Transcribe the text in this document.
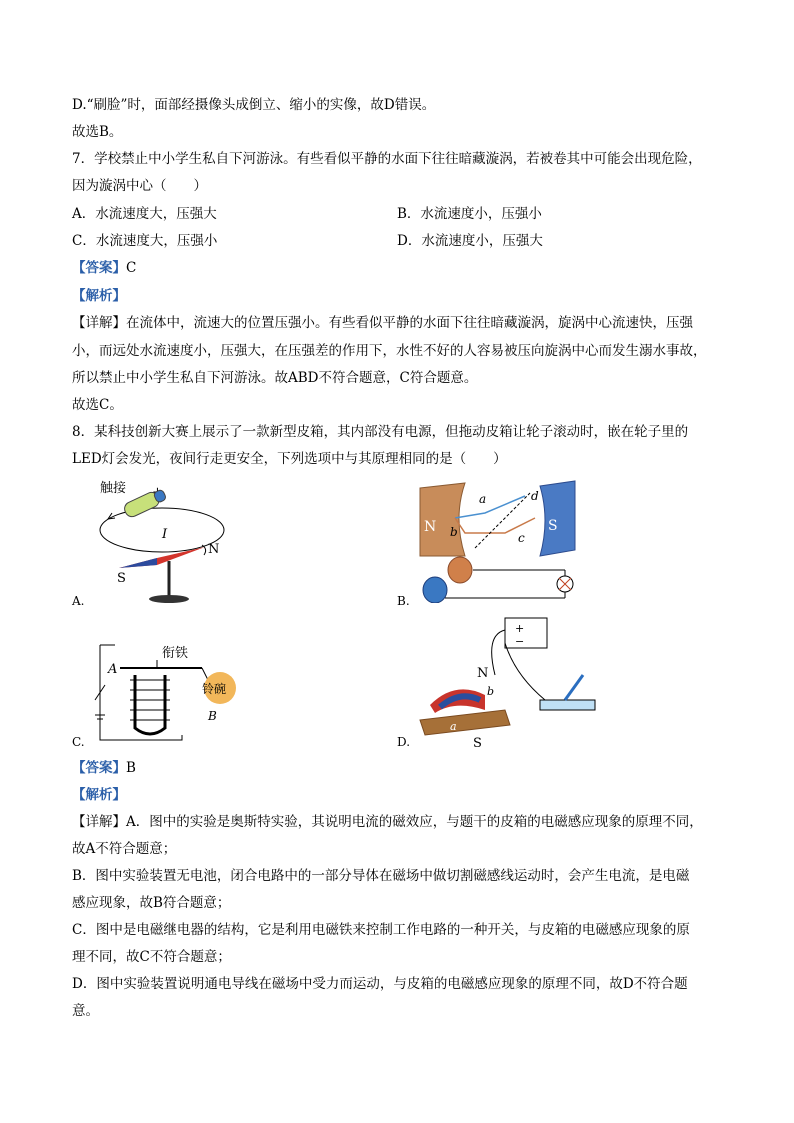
D.“刷脸”时，面部经摄像头成倒立、缩小的实像，故D错误。
故选B。
7．学校禁止中小学生私自下河游泳。有些看似平静的水面下往往暗藏漩涡，若被卷其中可能会出现危险，
因为漩涡中心（　　）
A．水流速度大，压强大	B．水流速度小，压强小
C．水流速度大，压强小	D．水流速度小，压强大
【答案】C
【解析】
【详解】在流体中，流速大的位置压强小。有些看似平静的水面下往往暗藏漩涡，旋涡中心流速快，压强
小，而远处水流速度小，压强大，在压强差的作用下，水性不好的人容易被压向旋涡中心而发生溺水事故，
所以禁止中小学生私自下河游泳。故ABD不符合题意，C符合题意。
故选C。
8．某科技创新大赛上展示了一款新型皮箱，其内部没有电源，但拖动皮箱让轮子滚动时，嵌在轮子里的
LED灯会发光，夜间行走更安全，下列选项中与其原理相同的是（　　）
触接
I
S
N
A.
N	S
a
b	c
d
B.
A
衔铁
铃碗
B
C.
+
−
a
b
N
S
D.
【答案】B
【解析】
【详解】A．图中的实验是奥斯特实验，其说明电流的磁效应，与题干的皮箱的电磁感应现象的原理不同，
故A不符合题意；
B．图中实验装置无电池，闭合电路中的一部分导体在磁场中做切割磁感线运动时，会产生电流，是电磁
感应现象，故B符合题意；
C．图中是电磁继电器的结构，它是利用电磁铁来控制工作电路的一种开关，与皮箱的电磁感应现象的原
理不同，故C不符合题意；
D．图中实验装置说明通电导线在磁场中受力而运动，与皮箱的电磁感应现象的原理不同，故D不符合题
意。
